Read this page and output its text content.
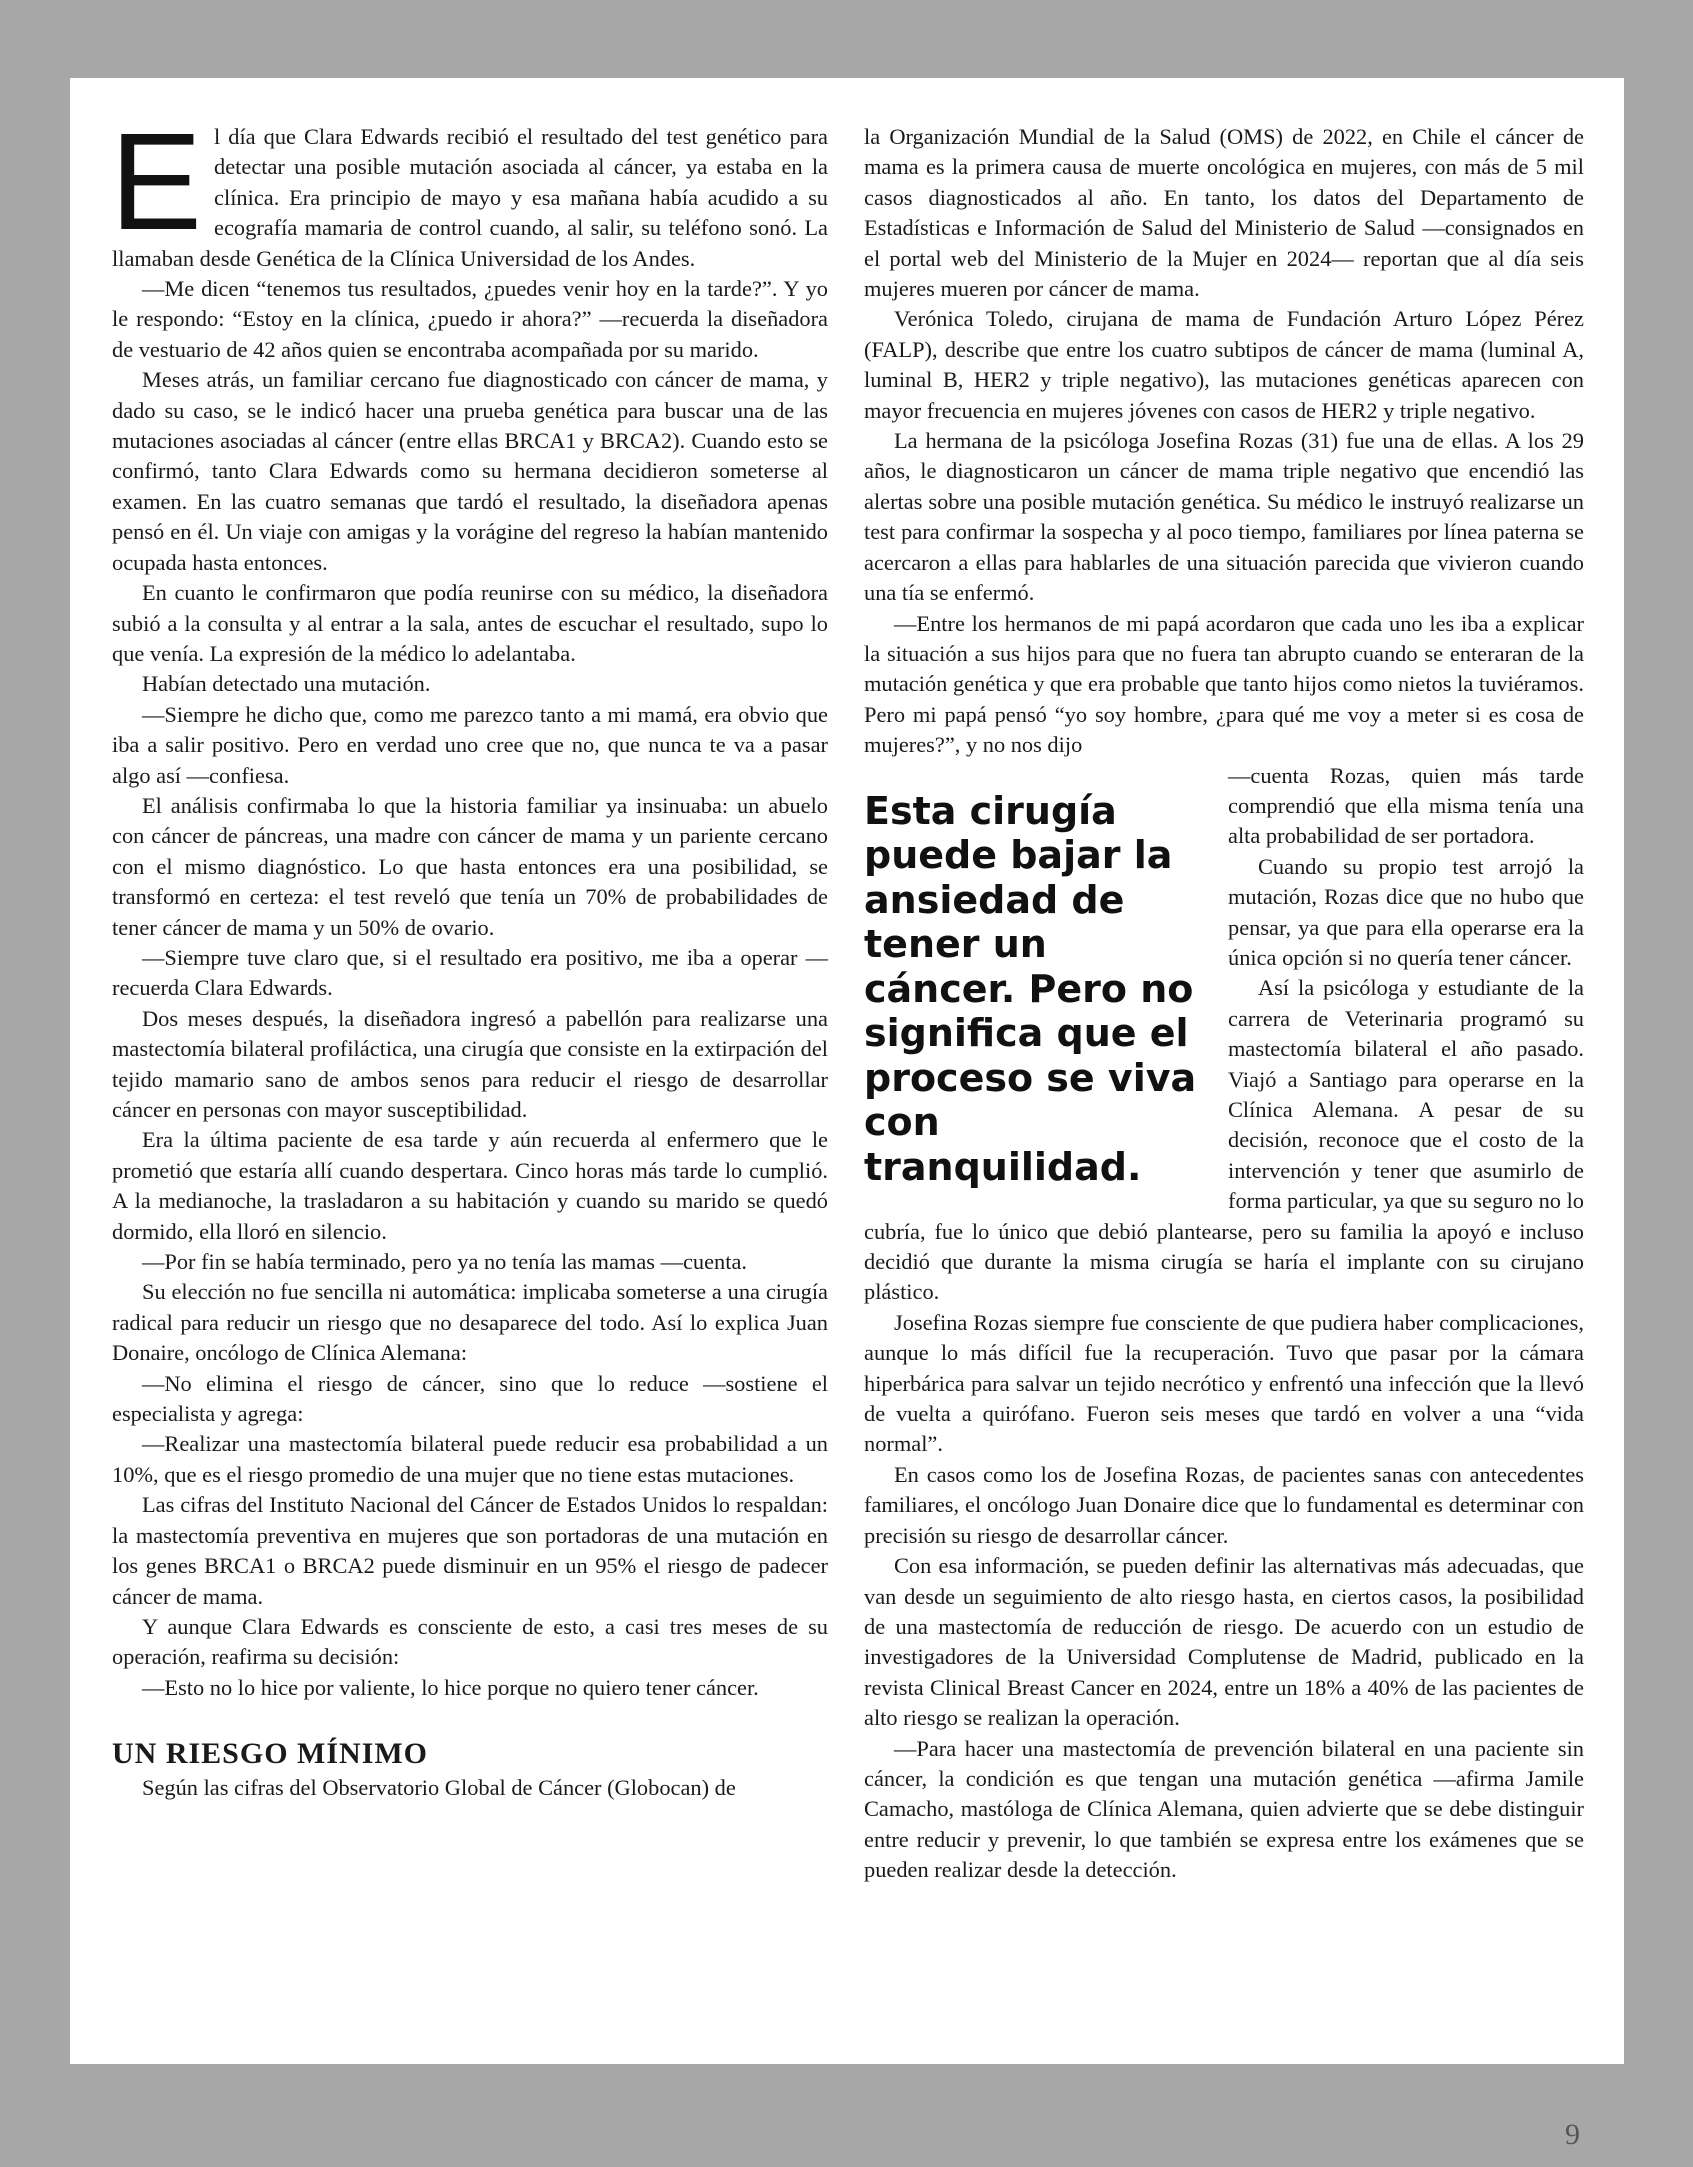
El día que Clara Edwards recibió el resultado del test genético para detectar una posible mutación asociada al cáncer, ya estaba en la clínica. Era principio de mayo y esa mañana había acudido a su ecografía mamaria de control cuando, al salir, su teléfono sonó. La llamaban desde Genética de la Clínica Universidad de los Andes.

—Me dicen “tenemos tus resultados, ¿puedes venir hoy en la tarde?”. Y yo le respondo: “Estoy en la clínica, ¿puedo ir ahora?” —recuerda la diseñadora de vestuario de 42 años quien se encontraba acompañada por su marido.

Meses atrás, un familiar cercano fue diagnosticado con cáncer de mama, y dado su caso, se le indicó hacer una prueba genética para buscar una de las mutaciones asociadas al cáncer (entre ellas BRCA1 y BRCA2). Cuando esto se confirmó, tanto Clara Edwards como su hermana decidieron someterse al examen. En las cuatro semanas que tardó el resultado, la diseñadora apenas pensó en él. Un viaje con amigas y la vorágine del regreso la habían mantenido ocupada hasta entonces.

En cuanto le confirmaron que podía reunirse con su médico, la diseñadora subió a la consulta y al entrar a la sala, antes de escuchar el resultado, supo lo que venía. La expresión de la médico lo adelantaba.

Habían detectado una mutación.

—Siempre he dicho que, como me parezco tanto a mi mamá, era obvio que iba a salir positivo. Pero en verdad uno cree que no, que nunca te va a pasar algo así —confiesa.

El análisis confirmaba lo que la historia familiar ya insinuaba: un abuelo con cáncer de páncreas, una madre con cáncer de mama y un pariente cercano con el mismo diagnóstico. Lo que hasta entonces era una posibilidad, se transformó en certeza: el test reveló que tenía un 70% de probabilidades de tener cáncer de mama y un 50% de ovario.

—Siempre tuve claro que, si el resultado era positivo, me iba a operar —recuerda Clara Edwards.

Dos meses después, la diseñadora ingresó a pabellón para realizarse una mastectomía bilateral profiláctica, una cirugía que consiste en la extirpación del tejido mamario sano de ambos senos para reducir el riesgo de desarrollar cáncer en personas con mayor susceptibilidad.

Era la última paciente de esa tarde y aún recuerda al enfermero que le prometió que estaría allí cuando despertara. Cinco horas más tarde lo cumplió. A la medianoche, la trasladaron a su habitación y cuando su marido se quedó dormido, ella lloró en silencio.

—Por fin se había terminado, pero ya no tenía las mamas —cuenta.

Su elección no fue sencilla ni automática: implicaba someterse a una cirugía radical para reducir un riesgo que no desaparece del todo. Así lo explica Juan Donaire, oncólogo de Clínica Alemana:

—No elimina el riesgo de cáncer, sino que lo reduce —sostiene el especialista y agrega:

—Realizar una mastectomía bilateral puede reducir esa probabilidad a un 10%, que es el riesgo promedio de una mujer que no tiene estas mutaciones.

Las cifras del Instituto Nacional del Cáncer de Estados Unidos lo respaldan: la mastectomía preventiva en mujeres que son portadoras de una mutación en los genes BRCA1 o BRCA2 puede disminuir en un 95% el riesgo de padecer cáncer de mama.

Y aunque Clara Edwards es consciente de esto, a casi tres meses de su operación, reafirma su decisión:

—Esto no lo hice por valiente, lo hice porque no quiero tener cáncer.

UN RIESGO MÍNIMO

Según las cifras del Observatorio Global de Cáncer (Globocan) de

la Organización Mundial de la Salud (OMS) de 2022, en Chile el cáncer de mama es la primera causa de muerte oncológica en mujeres, con más de 5 mil casos diagnosticados al año. En tanto, los datos del Departamento de Estadísticas e Información de Salud del Ministerio de Salud —consignados en el portal web del Ministerio de la Mujer en 2024— reportan que al día seis mujeres mueren por cáncer de mama.

Verónica Toledo, cirujana de mama de Fundación Arturo López Pérez (FALP), describe que entre los cuatro subtipos de cáncer de mama (luminal A, luminal B, HER2 y triple negativo), las mutaciones genéticas aparecen con mayor frecuencia en mujeres jóvenes con casos de HER2 y triple negativo.

La hermana de la psicóloga Josefina Rozas (31) fue una de ellas. A los 29 años, le diagnosticaron un cáncer de mama triple negativo que encendió las alertas sobre una posible mutación genética. Su médico le instruyó realizarse un test para confirmar la sospecha y al poco tiempo, familiares por línea paterna se acercaron a ellas para hablarles de una situación parecida que vivieron cuando una tía se enfermó.

—Entre los hermanos de mi papá acordaron que cada uno les iba a explicar la situación a sus hijos para que no fuera tan abrupto cuando se enteraran de la mutación genética y que era probable que tanto hijos como nietos la tuviéramos. Pero mi papá pensó “yo soy hombre, ¿para qué me voy a meter si es cosa de mujeres?”, y no nos dijo

Esta cirugía puede bajar la ansiedad de tener un cáncer. Pero no significa que el proceso se viva con tranquilidad.

—cuenta Rozas, quien más tarde comprendió que ella misma tenía una alta probabilidad de ser portadora.

Cuando su propio test arrojó la mutación, Rozas dice que no hubo que pensar, ya que para ella operarse era la única opción si no quería tener cáncer.

Así la psicóloga y estudiante de la carrera de Veterinaria programó su mastectomía bilateral el año pasado. Viajó a Santiago para operarse en la Clínica Alemana. A pesar de su decisión, reconoce que el costo de la intervención y tener que asumirlo de forma particular, ya que su seguro no lo cubría, fue lo único que debió plantearse, pero su familia la apoyó e incluso decidió que durante la misma cirugía se haría el implante con su cirujano plástico.

Josefina Rozas siempre fue consciente de que pudiera haber complicaciones, aunque lo más difícil fue la recuperación. Tuvo que pasar por la cámara hiperbárica para salvar un tejido necrótico y enfrentó una infección que la llevó de vuelta a quirófano. Fueron seis meses que tardó en volver a una “vida normal”.

En casos como los de Josefina Rozas, de pacientes sanas con antecedentes familiares, el oncólogo Juan Donaire dice que lo fundamental es determinar con precisión su riesgo de desarrollar cáncer.

Con esa información, se pueden definir las alternativas más adecuadas, que van desde un seguimiento de alto riesgo hasta, en ciertos casos, la posibilidad de una mastectomía de reducción de riesgo. De acuerdo con un estudio de investigadores de la Universidad Complutense de Madrid, publicado en la revista Clinical Breast Cancer en 2024, entre un 18% a 40% de las pacientes de alto riesgo se realizan la operación.

—Para hacer una mastectomía de prevención bilateral en una paciente sin cáncer, la condición es que tengan una mutación genética —afirma Jamile Camacho, mastóloga de Clínica Alemana, quien advierte que se debe distinguir entre reducir y prevenir, lo que también se expresa entre los exámenes que se pueden realizar desde la detección.

9
